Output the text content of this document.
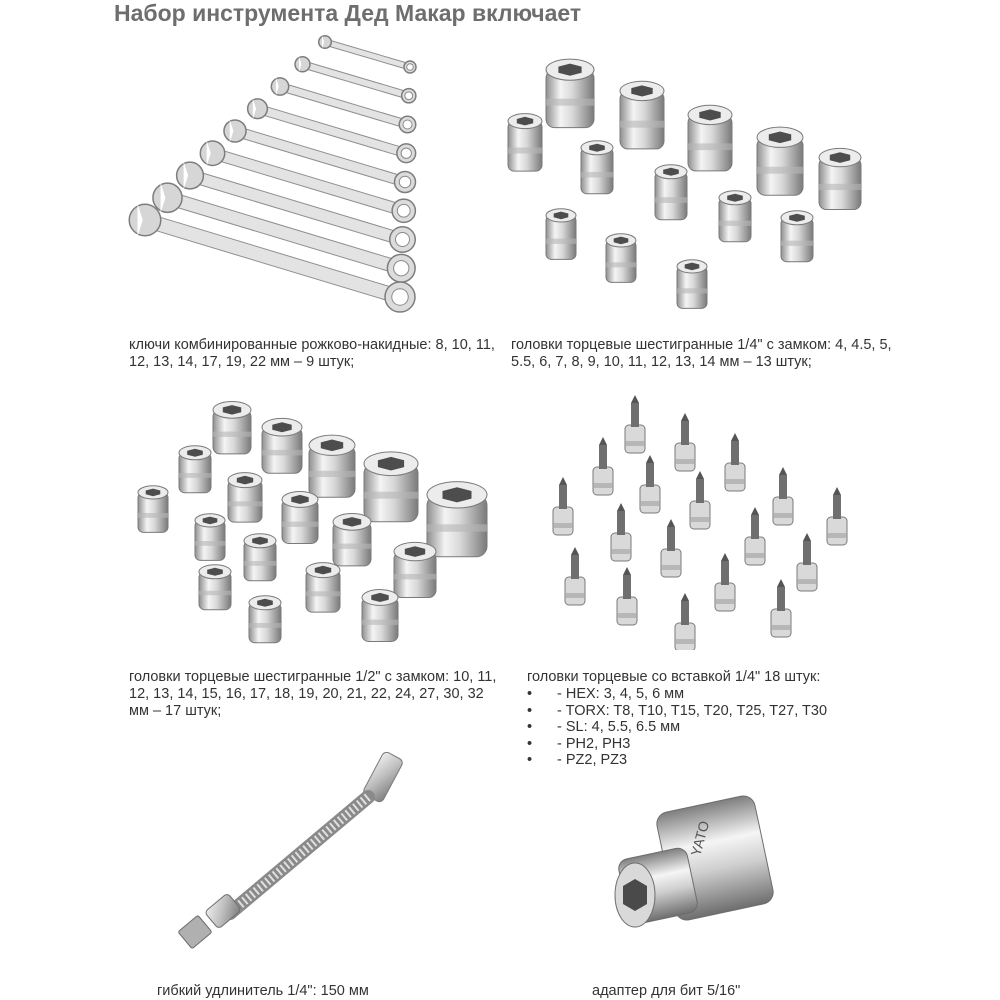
Набор инструмента Дед Макар включает
YATO
ключи комбинированные рожково-накидные: 8, 10, 11, 12, 13, 14, 17, 19, 22 мм – 9 штук;
головки торцевые шестигранные 1/4" с замком: 4, 4.5, 5, 5.5, 6, 7, 8, 9, 10, 11, 12, 13, 14 мм – 13 штук;
головки торцевые шестигранные 1/2" с замком: 10, 11, 12, 13, 14, 15, 16, 17, 18, 19, 20, 21, 22, 24, 27, 30, 32 мм – 17 штук;
головки торцевые со вставкой 1/4" 18 штук:
• - HEX: 3, 4, 5, 6 мм
• - TORX: T8, T10, T15, T20, T25, T27, T30
• - SL: 4, 5.5, 6.5 мм
• - PH2, PH3
• - PZ2, PZ3
гибкий удлинитель 1/4": 150 мм	адаптер для бит 5/16"
